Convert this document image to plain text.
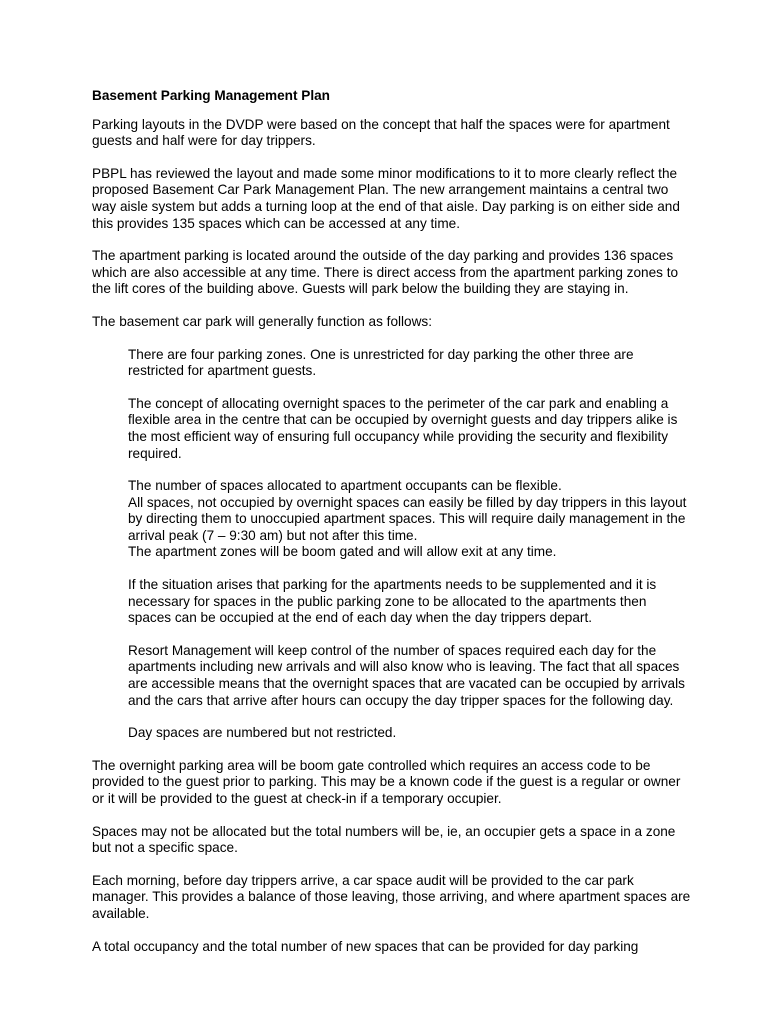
Basement Parking Management Plan

Parking layouts in the DVDP were based on the concept that half the spaces were for apartment guests and half were for day trippers.

PBPL has reviewed the layout and made some minor modifications to it to more clearly reflect the proposed Basement Car Park Management Plan. The new arrangement maintains a central two way aisle system but adds a turning loop at the end of that aisle. Day parking is on either side and this provides 135 spaces which can be accessed at any time.

The apartment parking is located around the outside of the day parking and provides 136 spaces which are also accessible at any time. There is direct access from the apartment parking zones to the lift cores of the building above. Guests will park below the building they are staying in.

The basement car park will generally function as follows:

There are four parking zones. One is unrestricted for day parking the other three are restricted for apartment guests.

The concept of allocating overnight spaces to the perimeter of the car park and enabling a flexible area in the centre that can be occupied by overnight guests and day trippers alike is the most efficient way of ensuring full occupancy while providing the security and flexibility required.

The number of spaces allocated to apartment occupants can be flexible.

All spaces, not occupied by overnight spaces can easily be filled by day trippers in this layout by directing them to unoccupied apartment spaces. This will require daily management in the arrival peak (7 – 9:30 am) but not after this time.

The apartment zones will be boom gated and will allow exit at any time.

If the situation arises that parking for the apartments needs to be supplemented and it is necessary for spaces in the public parking zone to be allocated to the apartments then spaces can be occupied at the end of each day when the day trippers depart.

Resort Management will keep control of the number of spaces required each day for the apartments including new arrivals and will also know who is leaving. The fact that all spaces are accessible means that the overnight spaces that are vacated can be occupied by arrivals and the cars that arrive after hours can occupy the day tripper spaces for the following day.

Day spaces are numbered but not restricted.

The overnight parking area will be boom gate controlled which requires an access code to be provided to the guest prior to parking. This may be a known code if the guest is a regular or owner or it will be provided to the guest at check-in if a temporary occupier.

Spaces may not be allocated but the total numbers will be, ie, an occupier gets a space in a zone but not a specific space.

Each morning, before day trippers arrive, a car space audit will be provided to the car park manager. This provides a balance of those leaving, those arriving, and where apartment spaces are available.

A total occupancy and the total number of new spaces that can be provided for day parking
